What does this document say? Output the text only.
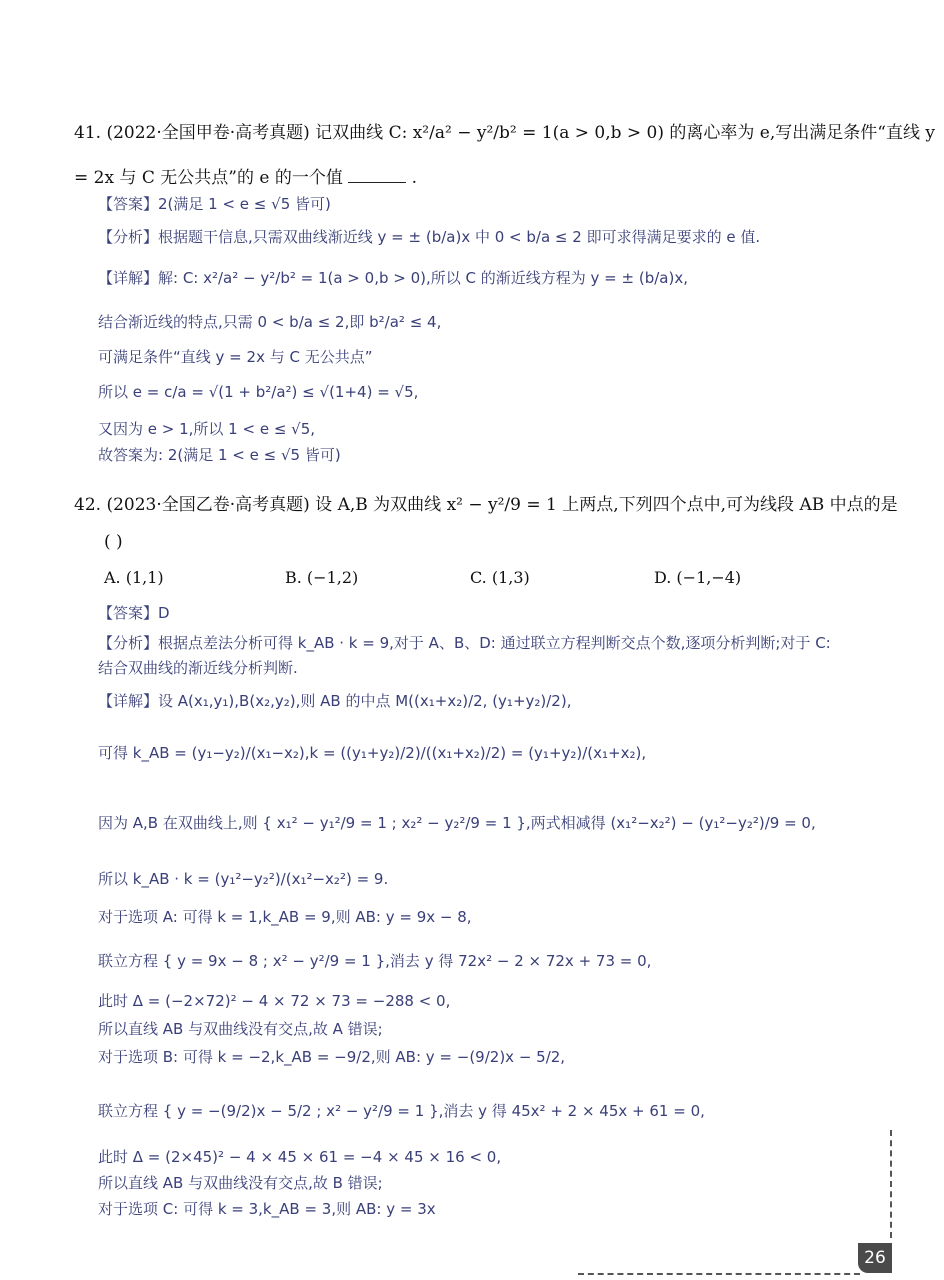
41. (2022·全国甲卷·高考真题) 记双曲线 C: x²/a² − y²/b² = 1(a > 0,b > 0) 的离心率为 e,写出满足条件“直线 y
= 2x 与 C 无公共点”的 e 的一个值	.
【答案】2(满足 1 < e ≤ √5 皆可)
【分析】根据题干信息,只需双曲线渐近线 y = ± (b/a)x 中 0 < b/a ≤ 2 即可求得满足要求的 e 值.
【详解】解: C: x²/a² − y²/b² = 1(a > 0,b > 0),所以 C 的渐近线方程为 y = ± (b/a)x,
结合渐近线的特点,只需 0 < b/a ≤ 2,即 b²/a² ≤ 4,
可满足条件“直线 y = 2x 与 C 无公共点”
所以 e = c/a = √(1 + b²/a²) ≤ √(1+4) = √5,
又因为 e > 1,所以 1 < e ≤ √5,
故答案为: 2(满足 1 < e ≤ √5 皆可)
42. (2023·全国乙卷·高考真题) 设 A,B 为双曲线 x² − y²/9 = 1 上两点,下列四个点中,可为线段 AB 中点的是
( )
A. (1,1)	B. (−1,2)	C. (1,3)	D. (−1,−4)
【答案】D
【分析】根据点差法分析可得 k_AB · k = 9,对于 A、B、D: 通过联立方程判断交点个数,逐项分析判断;对于 C:
结合双曲线的渐近线分析判断.
【详解】设 A(x₁,y₁),B(x₂,y₂),则 AB 的中点 M((x₁+x₂)/2, (y₁+y₂)/2),
可得 k_AB = (y₁−y₂)/(x₁−x₂),k = ((y₁+y₂)/2)/((x₁+x₂)/2) = (y₁+y₂)/(x₁+x₂),
因为 A,B 在双曲线上,则 { x₁² − y₁²/9 = 1 ; x₂² − y₂²/9 = 1 },两式相减得 (x₁²−x₂²) − (y₁²−y₂²)/9 = 0,
所以 k_AB · k = (y₁²−y₂²)/(x₁²−x₂²) = 9.
对于选项 A: 可得 k = 1,k_AB = 9,则 AB: y = 9x − 8,
联立方程 { y = 9x − 8 ; x² − y²/9 = 1 },消去 y 得 72x² − 2 × 72x + 73 = 0,
此时 Δ = (−2×72)² − 4 × 72 × 73 = −288 < 0,
所以直线 AB 与双曲线没有交点,故 A 错误;
对于选项 B: 可得 k = −2,k_AB = −9/2,则 AB: y = −(9/2)x − 5/2,
联立方程 { y = −(9/2)x − 5/2 ; x² − y²/9 = 1 },消去 y 得 45x² + 2 × 45x + 61 = 0,
此时 Δ = (2×45)² − 4 × 45 × 61 = −4 × 45 × 16 < 0,
所以直线 AB 与双曲线没有交点,故 B 错误;
对于选项 C: 可得 k = 3,k_AB = 3,则 AB: y = 3x
26
